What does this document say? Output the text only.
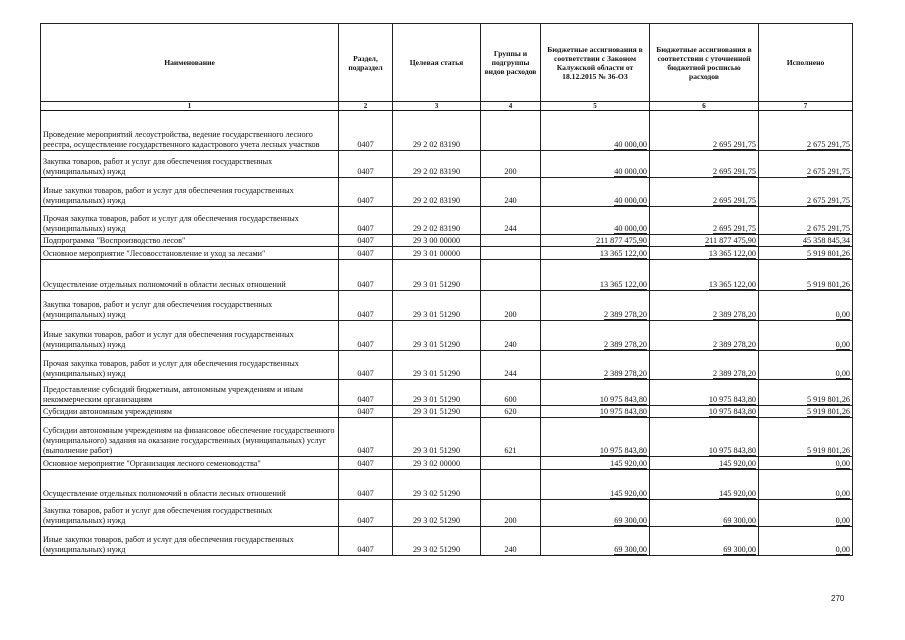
Наименование	Раздел, подраздел	Целевая статья	Группы и подгруппы видов расходов	Бюджетные ассигнования в соответствии с Законом Калужской области от 18.12.2015 № 36-ОЗ	Бюджетные ассигнования в соответствии с уточненной бюджетной росписью расходов	Исполнено
1	2	3	4	5	6	7
Проведение мероприятий лесоустройства, ведение государственного лесного реестра, осуществление государственного кадастрового учета лесных участков	0407	29 2 02 83190		40 000,00	2 695 291,75	2 675 291,75
Закупка товаров, работ и услуг для обеспечения государственных (муниципальных) нужд	0407	29 2 02 83190	200	40 000,00	2 695 291,75	2 675 291,75
Иные закупки товаров, работ и услуг для обеспечения государственных (муниципальных) нужд	0407	29 2 02 83190	240	40 000,00	2 695 291,75	2 675 291,75
Прочая закупка товаров, работ и услуг для обеспечения государственных (муниципальных) нужд	0407	29 2 02 83190	244	40 000,00	2 695 291,75	2 675 291,75
Подпрограмма "Воспроизводство лесов"	0407	29 3 00 00000		211 877 475,90	211 877 475,90	45 358 845,34
Основное мероприятие "Лесовосстановление и уход за лесами"	0407	29 3 01 00000		13 365 122,00	13 365 122,00	5 919 801,26
Осуществление отдельных полномочий в области лесных отношений	0407	29 3 01 51290		13 365 122,00	13 365 122,00	5 919 801,26
Закупка товаров, работ и услуг для обеспечения государственных (муниципальных) нужд	0407	29 3 01 51290	200	2 389 278,20	2 389 278,20	0,00
Иные закупки товаров, работ и услуг для обеспечения государственных (муниципальных) нужд	0407	29 3 01 51290	240	2 389 278,20	2 389 278,20	0,00
Прочая закупка товаров, работ и услуг для обеспечения государственных (муниципальных) нужд	0407	29 3 01 51290	244	2 389 278,20	2 389 278,20	0,00
Предоставление субсидий бюджетным, автономным учреждениям и иным некоммерческим организациям	0407	29 3 01 51290	600	10 975 843,80	10 975 843,80	5 919 801,26
Субсидии автономным учреждениям	0407	29 3 01 51290	620	10 975 843,80	10 975 843,80	5 919 801,26
Субсидии автономным учреждениям на финансовое обеспечение государственного (муниципального) задания на оказание государственных (муниципальных) услуг (выполнение работ)	0407	29 3 01 51290	621	10 975 843,80	10 975 843,80	5 919 801,26
Основное мероприятие "Организация лесного семеноводства"	0407	29 3 02 00000		145 920,00	145 920,00	0,00
Осуществление отдельных полномочий в области лесных отношений	0407	29 3 02 51290		145 920,00	145 920,00	0,00
Закупка товаров, работ и услуг для обеспечения государственных (муниципальных) нужд	0407	29 3 02 51290	200	69 300,00	69 300,00	0,00
Иные закупки товаров, работ и услуг для обеспечения государственных (муниципальных) нужд	0407	29 3 02 51290	240	69 300,00	69 300,00	0,00
270
